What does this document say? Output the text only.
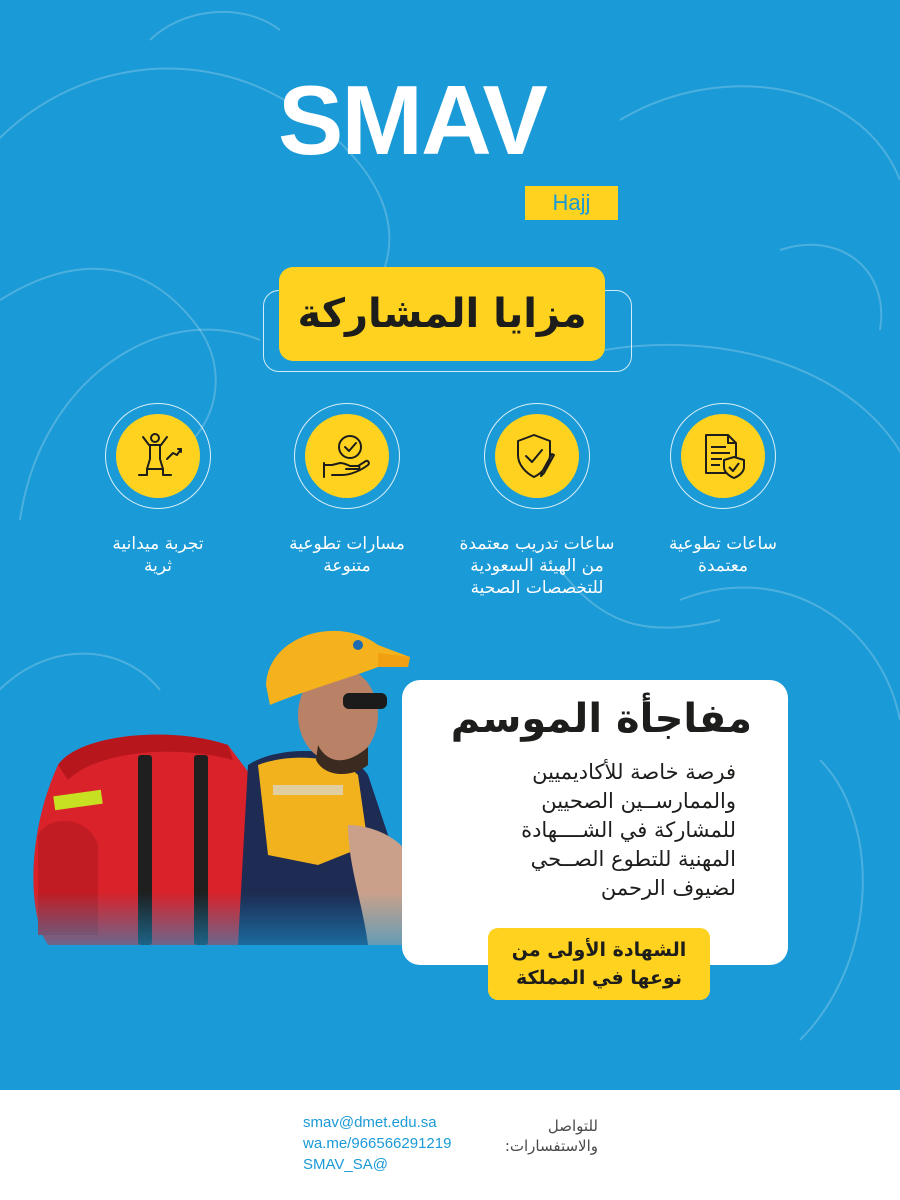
SMAV
Hajj
مزايا المشاركة
ساعات تطوعية
معتمدة
ساعات تدريب معتمدة
من الهيئة السعودية
للتخصصات الصحية
مسارات تطوعية
متنوعة
تجربة ميدانية
ثرية
مفاجأة الموسم
فرصة خاصة للأكاديميين
والممارســين الصحيين
للمشاركة في الشــــهادة
المهنية للتطوع الصــحي
لضيوف الرحمن
الشهادة الأولى من
نوعها في المملكة
للتواصل
والاستفسارات:
smav@dmet.edu.sa
wa.me/966566291219
SMAV_SA@
